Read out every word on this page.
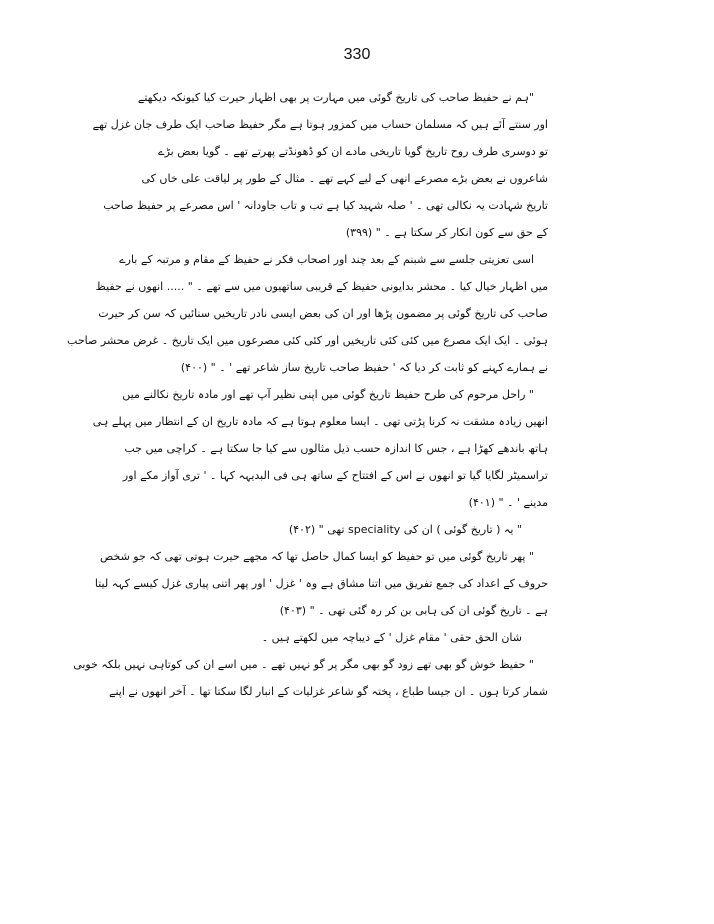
330
"ہم نے حفیظ صاحب کی تاریخ گوئی میں مہارت پر بھی اظہار حیرت کیا کیونکہ دیکھتے
اور سنتے آئے ہیں کہ مسلمان حساب میں کمزور ہوتا ہے مگر حفیظ صاحب ایک طرف جان غزل تھے
تو دوسری طرف روح تاریخ گویا تاریخی مادے ان کو ڈھونڈتے پھرتے تھے ۔ گویا بعض بڑے
شاعروں نے بعض بڑے مصرعے انھی کے لیے کہے تھے ۔ مثال کے طور پر لیاقت علی خاں کی
تاریخ شہادت یہ نکالی تھی ۔ ' صلہ شہید کیا ہے تب و تاب جاودانہ ' اس مصرعے پر حفیظ صاحب
کے حق سے کون انکار کر سکتا ہے ۔ " (۳۹۹)
اسی تعزیتی جلسے سے شبنم کے بعد چند اور اصحاب فکر نے حفیظ کے مقام و مرتبہ کے بارے
میں اظہار خیال کیا ۔ محشر بدایونی حفیظ کے قریبی ساتھیوں میں سے تھے ۔ " ..... انھوں نے حفیظ
صاحب کی تاریخ گوئی پر مضمون پڑھا اور ان کی بعض ایسی نادر تاریخیں سنائیں کہ سن کر حیرت
ہوئی ۔ ایک ایک مصرع میں کئی کئی تاریخیں اور کئی کئی مصرعوں میں ایک تاریخ ۔ غرض محشر صاحب
نے ہمارے کہنے کو ثابت کر دیا کہ ' حفیظ صاحب تاریخ ساز شاعر تھے ' ۔ " (۴۰۰)
" راحل مرحوم کی طرح حفیظ تاریخ گوئی میں اپنی نظیر آپ تھے اور مادہ تاریخ نکالنے میں
انھیں زیادہ مشقت نہ کرنا پڑتی تھی ۔ ایسا معلوم ہوتا ہے کہ مادہ تاریخ ان کے انتظار میں پہلے ہی
ہاتھ باندھے کھڑا ہے ، جس کا اندازہ حسب ذیل مثالوں سے کیا جا سکتا ہے ۔ کراچی میں جب
تراسمیٹر لگایا گیا تو انھوں نے اس کے افتتاح کے ساتھ ہی فی البدیہہ کہا ۔ ' تری آواز مکے اور
مدینے ' ۔ " (۴۰۱)
" یہ ( تاریخ گوئی ) ان کی speciality تھی " (۴۰۲)
" پھر تاریخ گوئی میں تو حفیظ کو ایسا کمال حاصل تھا کہ مجھے حیرت ہوتی تھی کہ جو شخص
حروف کے اعداد کی جمع تفریق میں اتنا مشاق ہے وہ ' غزل ' اور پھر اتنی پیاری غزل کیسے کہہ لیتا
ہے ۔ تاریخ گوئی ان کی ہابی بن کر رہ گئی تھی ۔ " (۴۰۳)
شان الحق حقی ' مقام غزل ' کے دیباچہ میں لکھتے ہیں ۔
" حفیظ خوش گو بھی تھے زود گو بھی مگر پر گو نہیں تھے ۔ میں اسے ان کی کوتاہی نہیں بلکہ خوبی
شمار کرتا ہوں ۔ ان جیسا طباع ، پختہ گو شاعر غزلیات کے انبار لگا سکتا تھا ۔ آخر انھوں نے اپنے
